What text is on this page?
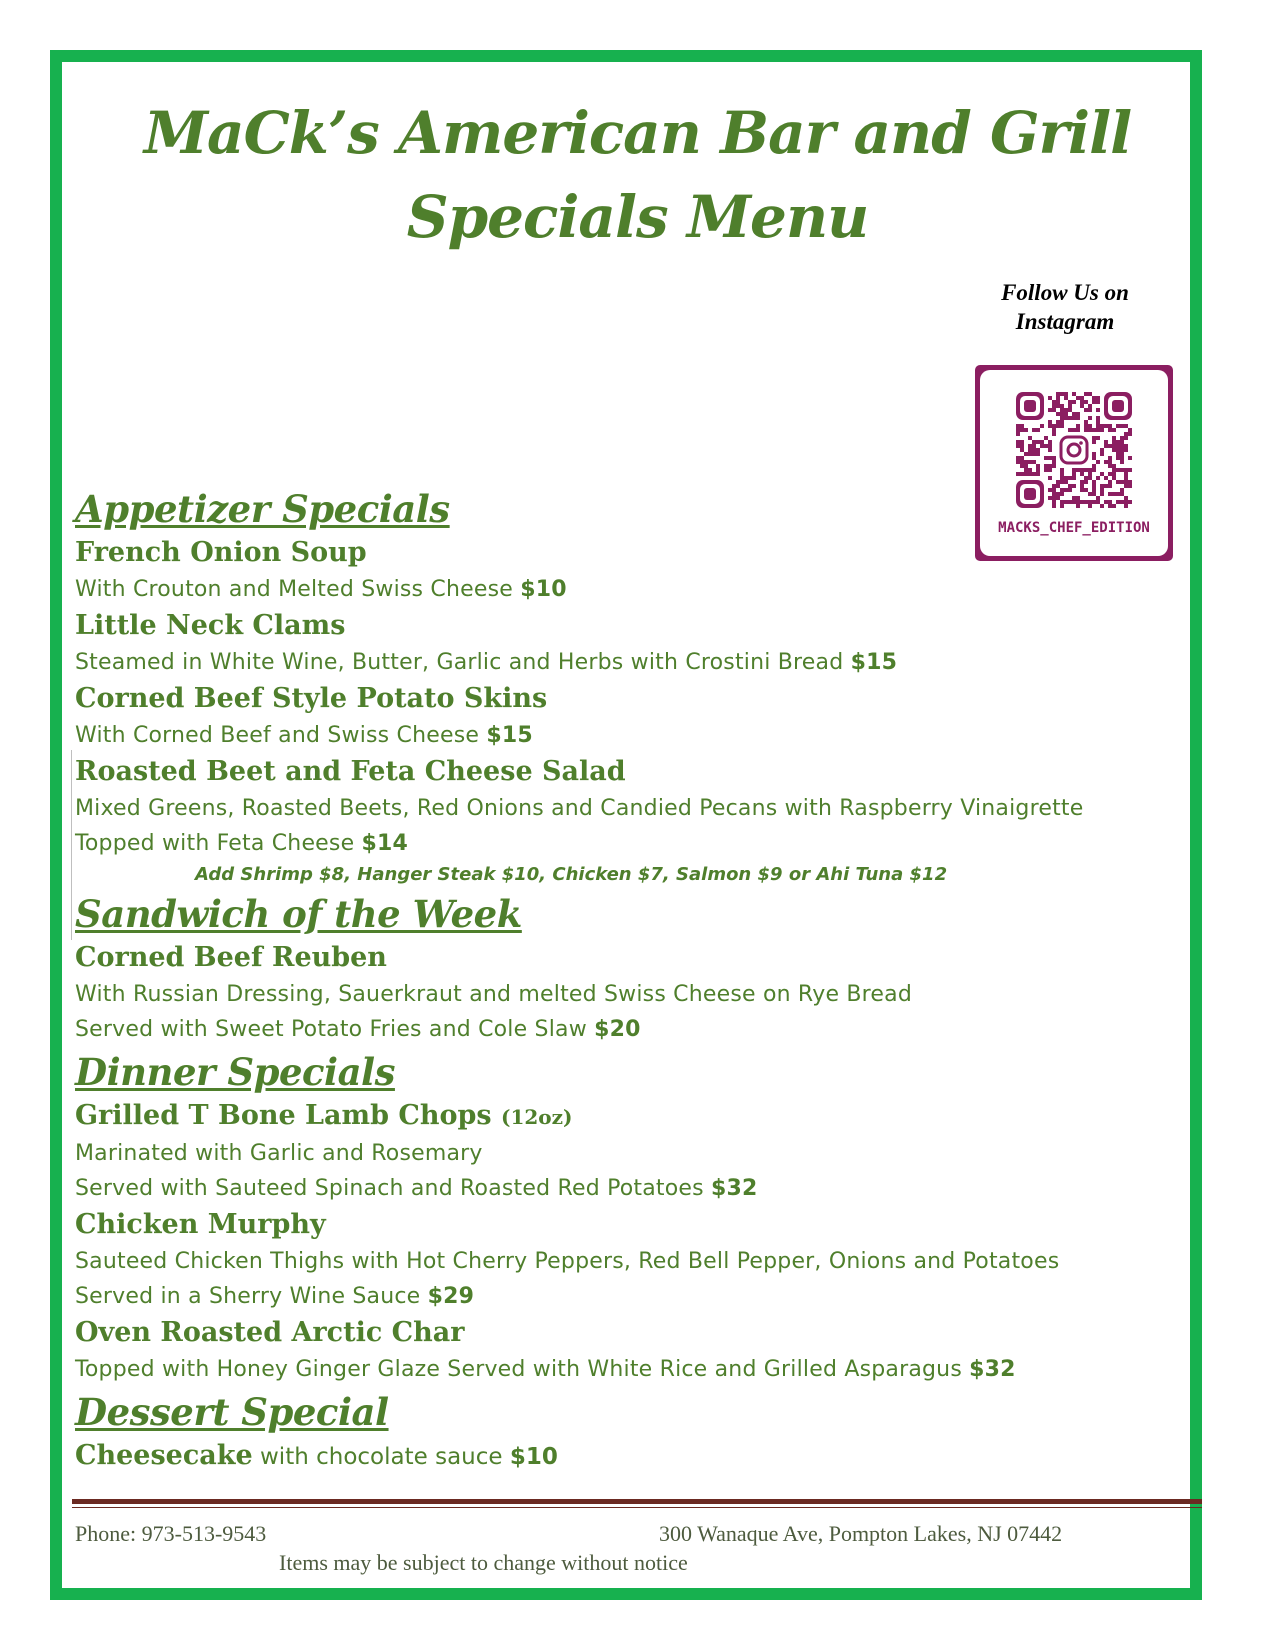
MaCk’s American Bar and Grill
Specials Menu
Follow Us on
Instagram
MACKS_CHEF_EDITION
Appetizer Specials
French Onion Soup
With Crouton and Melted Swiss Cheese $10
Little Neck Clams
Steamed in White Wine, Butter, Garlic and Herbs with Crostini Bread $15
Corned Beef Style Potato Skins
With Corned Beef and Swiss Cheese $15
Roasted Beet and Feta Cheese Salad
Mixed Greens, Roasted Beets, Red Onions and Candied Pecans with Raspberry Vinaigrette
Topped with Feta Cheese $14
Add Shrimp $8, Hanger Steak $10, Chicken $7, Salmon $9 or Ahi Tuna $12
Sandwich of the Week
Corned Beef Reuben
With Russian Dressing, Sauerkraut and melted Swiss Cheese on Rye Bread
Served with Sweet Potato Fries and Cole Slaw $20
Dinner Specials
Grilled T Bone Lamb Chops (12oz)
Marinated with Garlic and Rosemary
Served with Sauteed Spinach and Roasted Red Potatoes $32
Chicken Murphy
Sauteed Chicken Thighs with Hot Cherry Peppers, Red Bell Pepper, Onions and Potatoes
Served in a Sherry Wine Sauce $29
Oven Roasted Arctic Char
Topped with Honey Ginger Glaze Served with White Rice and Grilled Asparagus $32
Dessert Special
Cheesecake with chocolate sauce $10
Phone: 973-513-9543	300 Wanaque Ave, Pompton Lakes, NJ 07442
Items may be subject to change without notice
